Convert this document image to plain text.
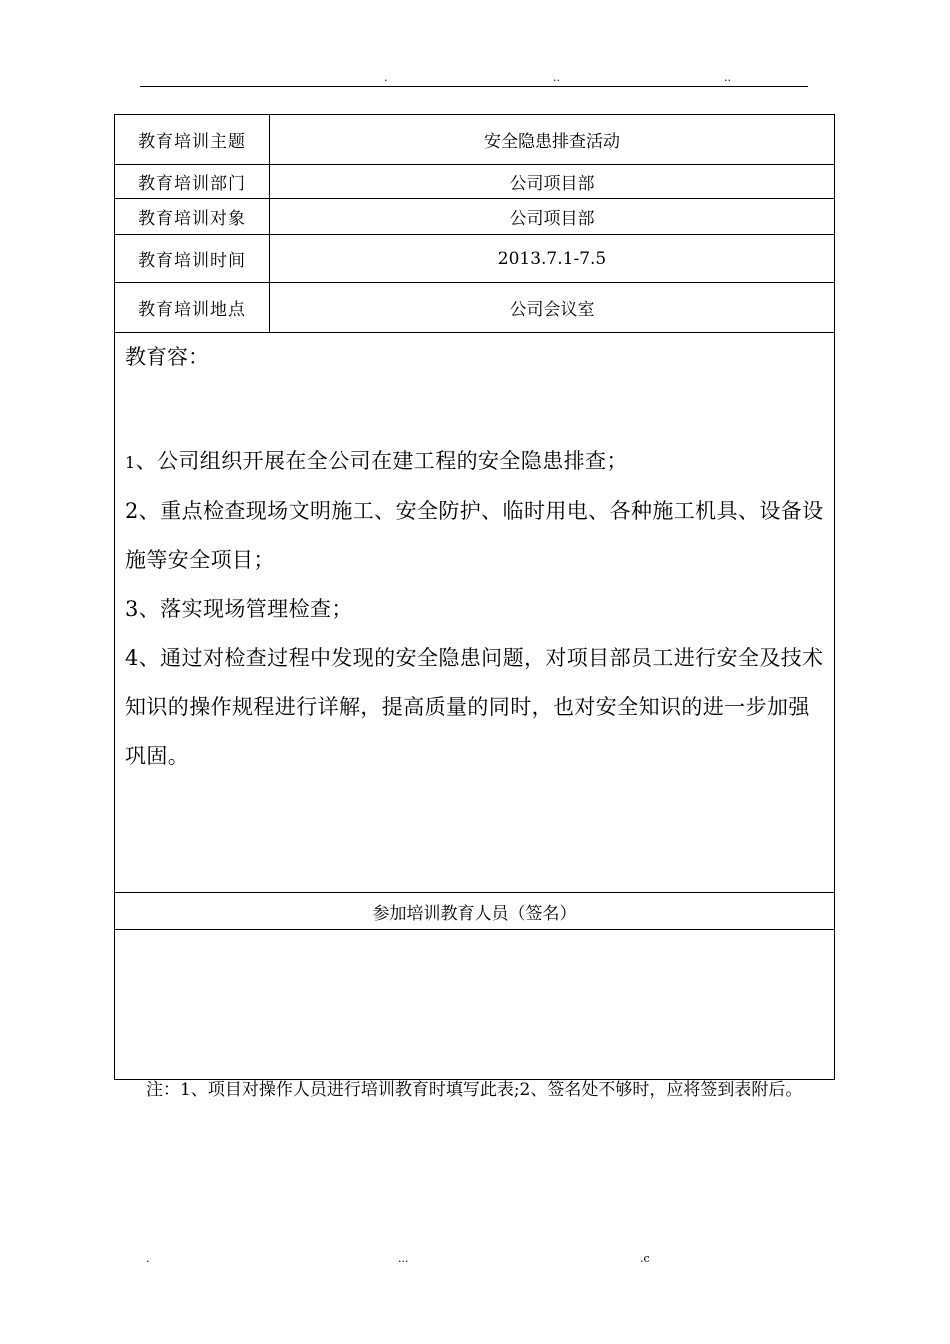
.	..	..
教育培训主题	安全隐患排查活动
教育培训部门	公司项目部
教育培训对象	公司项目部
教育培训时间	2013.7.1-7.5
教育培训地点	公司会议室

教育容：
1、公司组织开展在全公司在建工程的安全隐患排查；
2、重点检查现场文明施工、安全防护、临时用电、各种施工机具、设备设施等安全项目；
3、落实现场管理检查；
4、通过对检查过程中发现的安全隐患问题，对项目部员工进行安全及技术知识的操作规程进行详解，提高质量的同时，也对安全知识的进一步加强巩固。	

参加培训教育人员（签名）	

注：1、项目对操作人员进行培训教育时填写此表;2、签名处不够时，应将签到表附后。
.	...	.c
